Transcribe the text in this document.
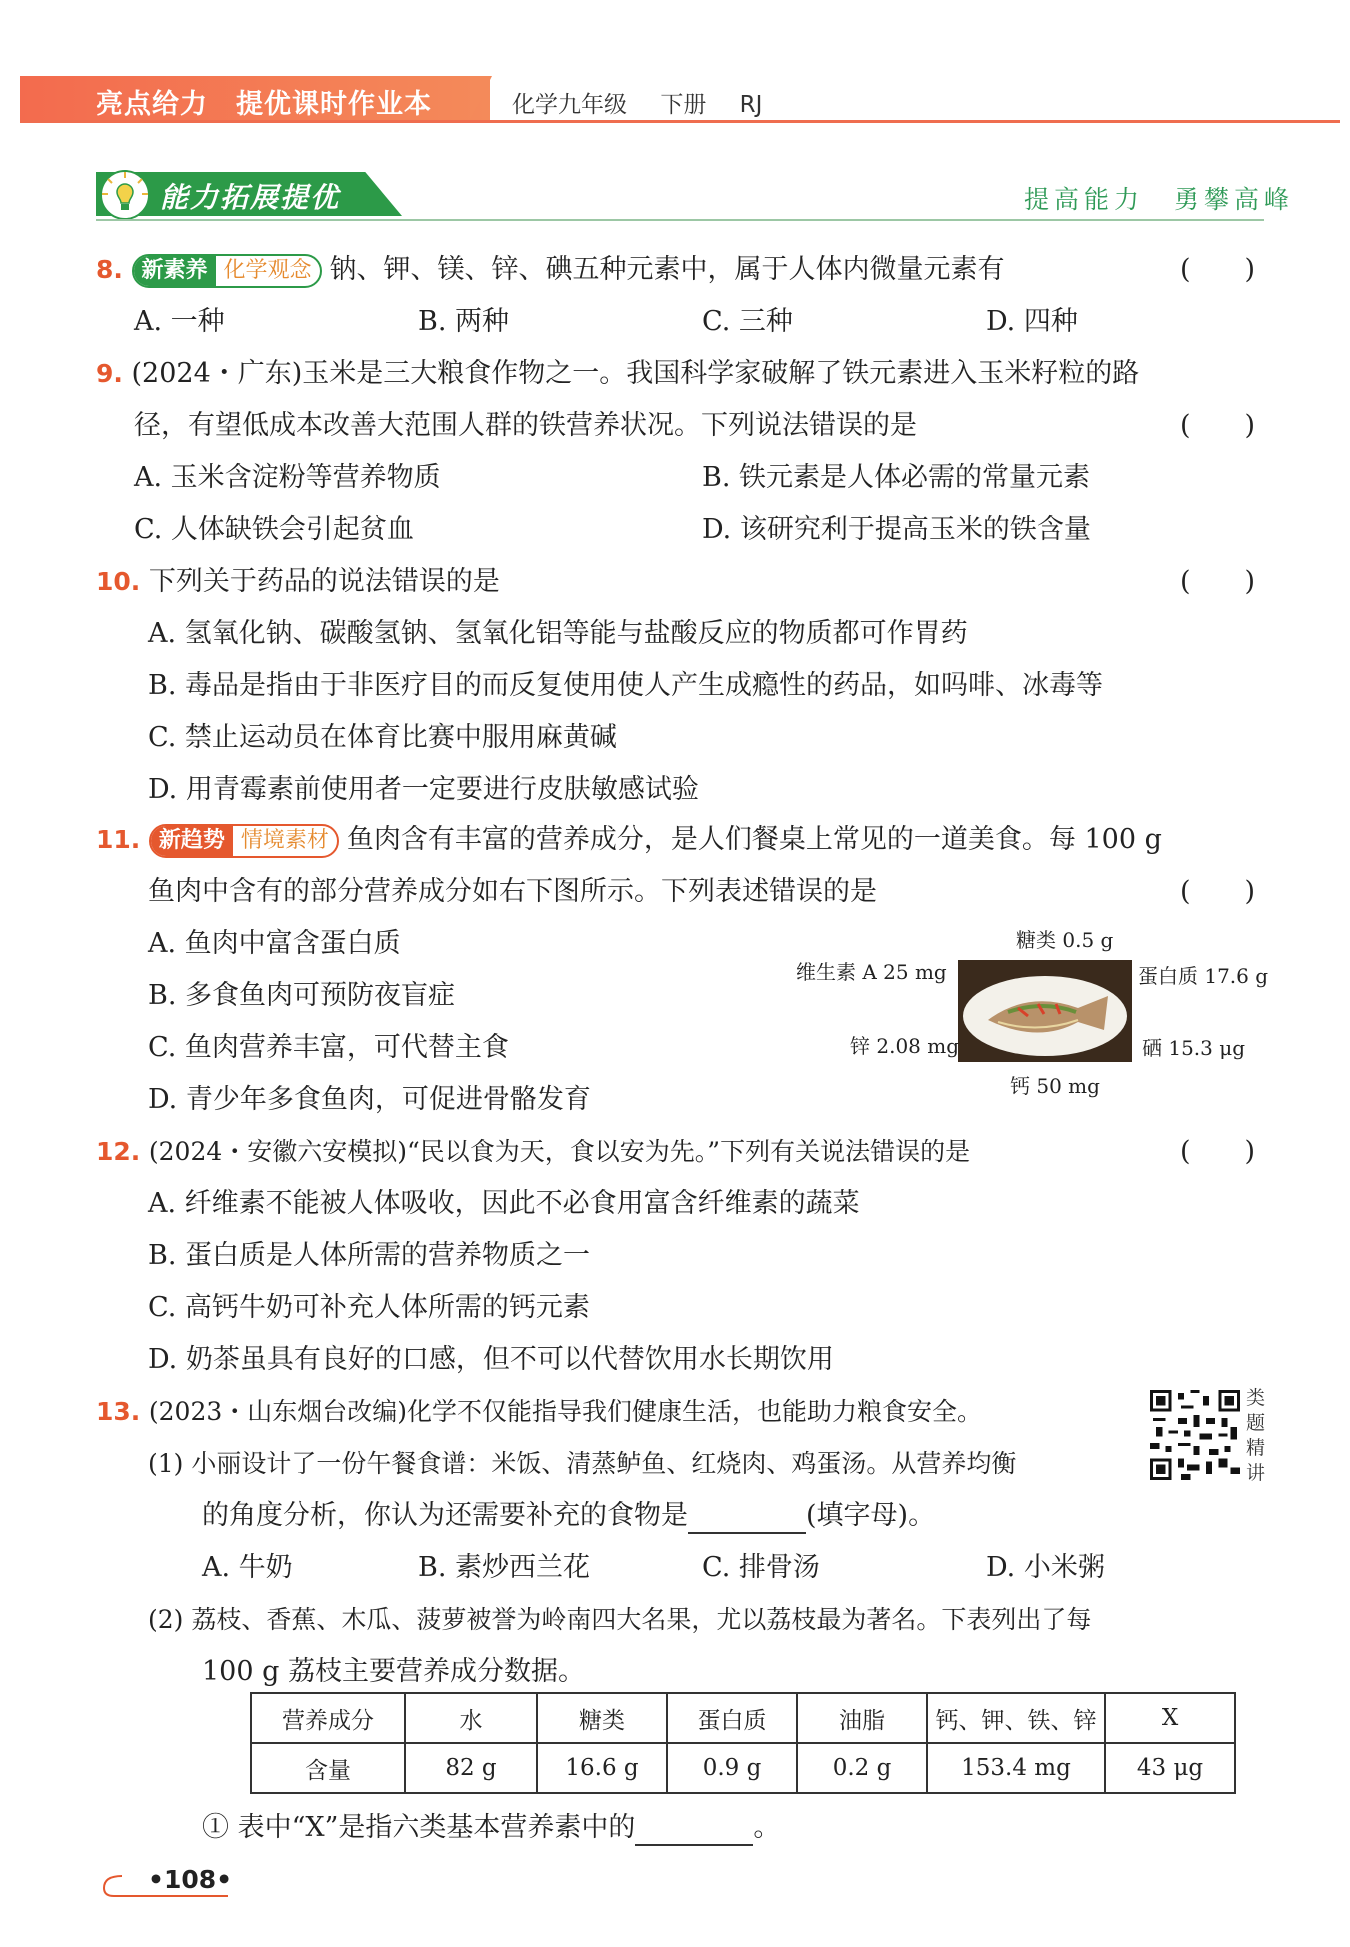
亮点给力　提优课时作业本	化学九年级 下册 RJ
能力拓展提优	提高能力　勇攀高峰
8. 新素养 化学观念 钠、钾、镁、锌、碘五种元素中，属于人体内微量元素有	(　　)
A. 一种	B. 两种	C. 三种	D. 四种
9. (2024・广东)玉米是三大粮食作物之一。我国科学家破解了铁元素进入玉米籽粒的路
径，有望低成本改善大范围人群的铁营养状况。下列说法错误的是	(　　)
A. 玉米含淀粉等营养物质	B. 铁元素是人体必需的常量元素
C. 人体缺铁会引起贫血	D. 该研究利于提高玉米的铁含量
10. 下列关于药品的说法错误的是	(　　)
A. 氢氧化钠、碳酸氢钠、氢氧化铝等能与盐酸反应的物质都可作胃药
B. 毒品是指由于非医疗目的而反复使用使人产生成瘾性的药品，如吗啡、冰毒等
C. 禁止运动员在体育比赛中服用麻黄碱
D. 用青霉素前使用者一定要进行皮肤敏感试验
11. 新趋势 情境素材 鱼肉含有丰富的营养成分，是人们餐桌上常见的一道美食。每 100 g
鱼肉中含有的部分营养成分如右下图所示。下列表述错误的是	(　　)
A. 鱼肉中富含蛋白质
B. 多食鱼肉可预防夜盲症
C. 鱼肉营养丰富，可代替主食
D. 青少年多食鱼肉，可促进骨骼发育
糖类 0.5 g
维生素 A 25 mg	蛋白质 17.6 g
锌 2.08 mg	硒 15.3 μg
钙 50 mg
12. (2024・安徽六安模拟)“民以食为天，食以安为先。”下列有关说法错误的是	(　　)
A. 纤维素不能被人体吸收，因此不必食用富含纤维素的蔬菜
B. 蛋白质是人体所需的营养物质之一
C. 高钙牛奶可补充人体所需的钙元素
D. 奶茶虽具有良好的口感，但不可以代替饮用水长期饮用
13. (2023・山东烟台改编)化学不仅能指导我们健康生活，也能助力粮食安全。
(1) 小丽设计了一份午餐食谱：米饭、清蒸鲈鱼、红烧肉、鸡蛋汤。从营养均衡
的角度分析，你认为还需要补充的食物是	(填字母)。
A. 牛奶	B. 素炒西兰花	C. 排骨汤	D. 小米粥
(2) 荔枝、香蕉、木瓜、菠萝被誉为岭南四大名果，尤以荔枝最为著名。下表列出了每
100 g 荔枝主要营养成分数据。
类题精讲
营养成分	水	糖类	蛋白质	油脂	钙、钾、铁、锌	X
含量	82 g	16.6 g	0.9 g	0.2 g	153.4 mg	43 μg
① 表中“X”是指六类基本营养素中的	。
•108•
